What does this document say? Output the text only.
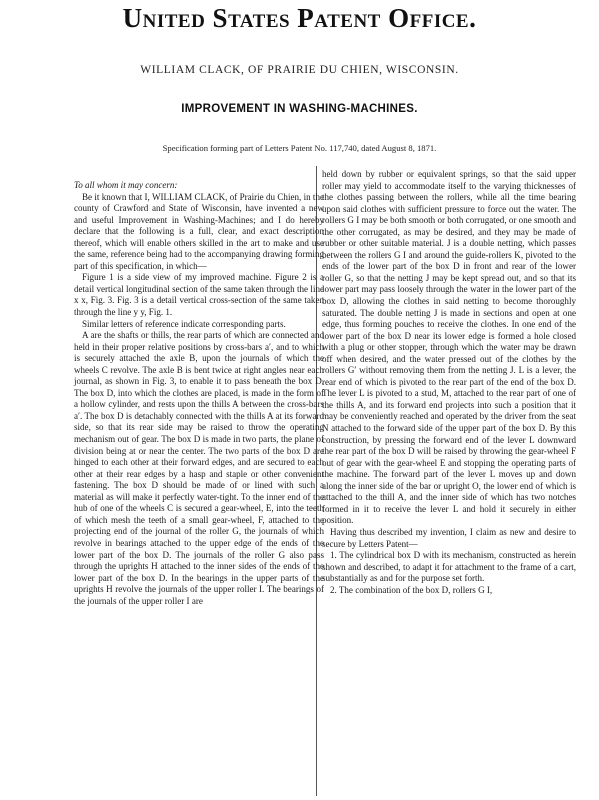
United States Patent Office.
WILLIAM CLACK, OF PRAIRIE DU CHIEN, WISCONSIN.
IMPROVEMENT IN WASHING-MACHINES.
Specification forming part of Letters Patent No. 117,740, dated August 8, 1871.

To all whom it may concern:

Be it known that I, WILLIAM CLACK, of Prairie du Chien, in the county of Crawford and State of Wisconsin, have invented a new and useful Improvement in Washing-Machines; and I do hereby declare that the following is a full, clear, and exact description thereof, which will enable others skilled in the art to make and use the same, reference being had to the accompanying drawing forming part of this specification, in which—

Figure 1 is a side view of my improved machine. Figure 2 is a detail vertical longitudinal section of the same taken through the line x x, Fig. 3. Fig. 3 is a detail vertical cross-section of the same taken through the line y y, Fig. 1.

Similar letters of reference indicate corresponding parts.

A are the shafts or thills, the rear parts of which are connected and held in their proper relative positions by cross-bars a′, and to which is securely attached the axle B, upon the journals of which the wheels C revolve. The axle B is bent twice at right angles near each journal, as shown in Fig. 3, to enable it to pass beneath the box D. The box D, into which the clothes are placed, is made in the form of a hollow cylinder, and rests upon the thills A between the cross-bars a′. The box D is detachably connected with the thills A at its forward side, so that its rear side may be raised to throw the operating mechanism out of gear. The box D is made in two parts, the plane of division being at or near the center. The two parts of the box D are hinged to each other at their forward edges, and are secured to each other at their rear edges by a hasp and staple or other convenient fastening. The box D should be made of or lined with such a material as will make it perfectly water-tight. To the inner end of the hub of one of the wheels C is secured a gear-wheel, E, into the teeth of which mesh the teeth of a small gear-wheel, F, attached to the projecting end of the journal of the roller G, the journals of which revolve in bearings attached to the upper edge of the ends of the lower part of the box D. The journals of the roller G also pass through the uprights H attached to the inner sides of the ends of the lower part of the box D. In the bearings in the upper parts of the uprights H revolve the journals of the upper roller I. The bearings of the journals of the upper roller I are

held down by rubber or equivalent springs, so that the said upper roller may yield to accommodate itself to the varying thicknesses of the clothes passing between the rollers, while all the time bearing upon said clothes with sufficient pressure to force out the water. The rollers G I may be both smooth or both corrugated, or one smooth and the other corrugated, as may be desired, and they may be made of rubber or other suitable material. J is a double netting, which passes between the rollers G I and around the guide-rollers K, pivoted to the ends of the lower part of the box D in front and rear of the lower roller G, so that the netting J may be kept spread out, and so that its lower part may pass loosely through the water in the lower part of the box D, allowing the clothes in said netting to become thoroughly saturated. The double netting J is made in sections and open at one edge, thus forming pouches to receive the clothes. In one end of the lower part of the box D near its lower edge is formed a hole closed with a plug or other stopper, through which the water may be drawn off when desired, and the water pressed out of the clothes by the rollers G′ without removing them from the netting J. L is a lever, the rear end of which is pivoted to the rear part of the end of the box D. The lever L is pivoted to a stud, M, attached to the rear part of one of the thills A, and its forward end projects into such a position that it may be conveniently reached and operated by the driver from the seat N attached to the forward side of the upper part of the box D. By this construction, by pressing the forward end of the lever L downward the rear part of the box D will be raised by throwing the gear-wheel F out of gear with the gear-wheel E and stopping the operating parts of the machine. The forward part of the lever L moves up and down along the inner side of the bar or upright O, the lower end of which is attached to the thill A, and the inner side of which has two notches formed in it to receive the lever L and hold it securely in either position.

Having thus described my invention, I claim as new and desire to secure by Letters Patent—

1. The cylindrical box D with its mechanism, constructed as herein shown and described, to adapt it for attachment to the frame of a cart, substantially as and for the purpose set forth.

2. The combination of the box D, rollers G I,
